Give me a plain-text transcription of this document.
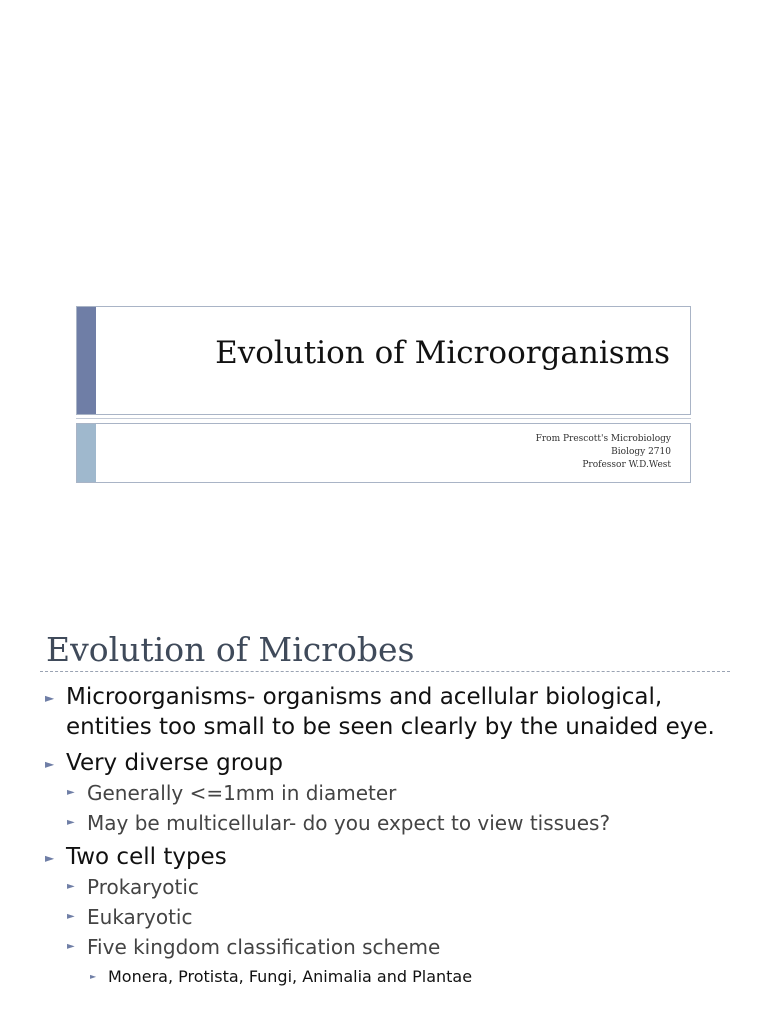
Evolution of Microorganisms
From Prescott's Microbiology
Biology 2710
Professor W.D.West
Evolution of Microbes
► Microorganisms- organisms and acellular biological, entities too small to be seen clearly by the unaided eye.
► Very diverse group
► Generally <=1mm in diameter
► May be multicellular- do you expect to view tissues?
► Two cell types
► Prokaryotic
► Eukaryotic
► Five kingdom classification scheme
► Monera, Protista, Fungi, Animalia and Plantae
